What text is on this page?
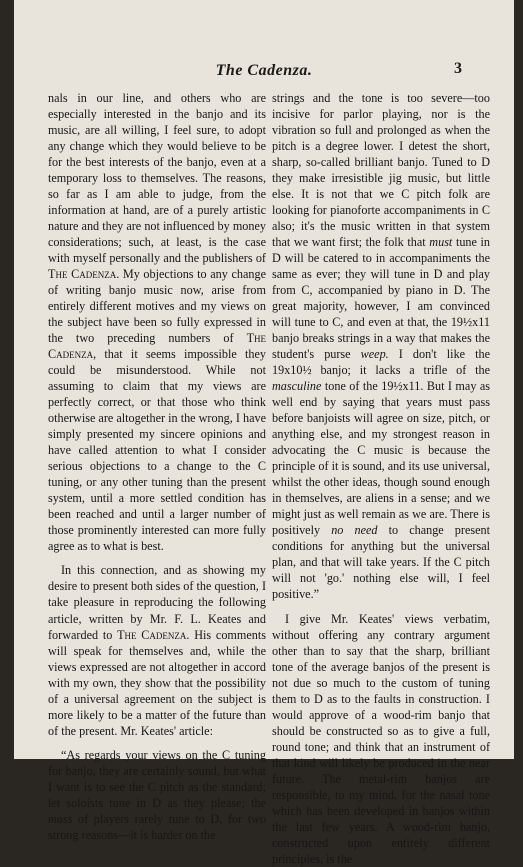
The Cadenza.	3

nals in our line, and others who are especially interested in the banjo and its music, are all willing, I feel sure, to adopt any change which they would believe to be for the best interests of the banjo, even at a temporary loss to themselves. The reasons, so far as I am able to judge, from the information at hand, are of a purely artistic nature and they are not influenced by money considerations; such, at least, is the case with myself personally and the publishers of The Cadenza. My objections to any change of writing banjo music now, arise from entirely different motives and my views on the subject have been so fully expressed in the two preceding numbers of The Cadenza, that it seems impossible they could be misunderstood. While not assuming to claim that my views are perfectly correct, or that those who think otherwise are altogether in the wrong, I have simply presented my sincere opinions and have called attention to what I consider serious objections to a change to the C tuning, or any other tuning than the present system, until a more settled condition has been reached and until a larger number of those prominently interested can more fully agree as to what is best.

In this connection, and as showing my desire to present both sides of the question, I take pleasure in reproducing the following article, written by Mr. F. L. Keates and forwarded to The Cadenza. His comments will speak for themselves and, while the views expressed are not altogether in accord with my own, they show that the possibility of a universal agreement on the subject is more likely to be a matter of the future than of the present. Mr. Keates' article:

“As regards your views on the C tuning for banjo, they are certainly sound, but what I want is to see the C pitch as the standard; let soloists tune in D as they please; the mass of players rarely tune to D, for two strong reasons—it is harder on the

strings and the tone is too severe—too incisive for parlor playing, nor is the vibration so full and prolonged as when the pitch is a degree lower. I detest the short, sharp, so-called brilliant banjo. Tuned to D they make irresistible jig music, but little else. It is not that we C pitch folk are looking for pianoforte accompaniments in C also; it's the music written in that system that we want first; the folk that must tune in D will be catered to in accompaniments the same as ever; they will tune in D and play from C, accompanied by piano in D. The great majority, however, I am convinced will tune to C, and even at that, the 19½x11 banjo breaks strings in a way that makes the student's purse weep. I don't like the 19x10½ banjo; it lacks a trifle of the masculine tone of the 19½x11. But I may as well end by saying that years must pass before banjoists will agree on size, pitch, or anything else, and my strongest reason in advocating the C music is because the principle of it is sound, and its use universal, whilst the other ideas, though sound enough in themselves, are aliens in a sense; and we might just as well remain as we are. There is positively no need to change present conditions for anything but the universal plan, and that will take years. If the C pitch will not 'go.' nothing else will, I feel positive.”

I give Mr. Keates' views verbatim, without offering any contrary argument other than to say that the sharp, brilliant tone of the average banjos of the present is not due so much to the custom of tuning them to D as to the faults in construction. I would approve of a wood-rim banjo that should be constructed so as to give a full, round tone; and think that an instrument of that kind will likely be produced in the near future. The metal-rim banjos are responsible, to my mind, for the nasal tone which has been developed in banjos within the last few years. A wood-rim banjo, constructed upon entirely different principles, is the
